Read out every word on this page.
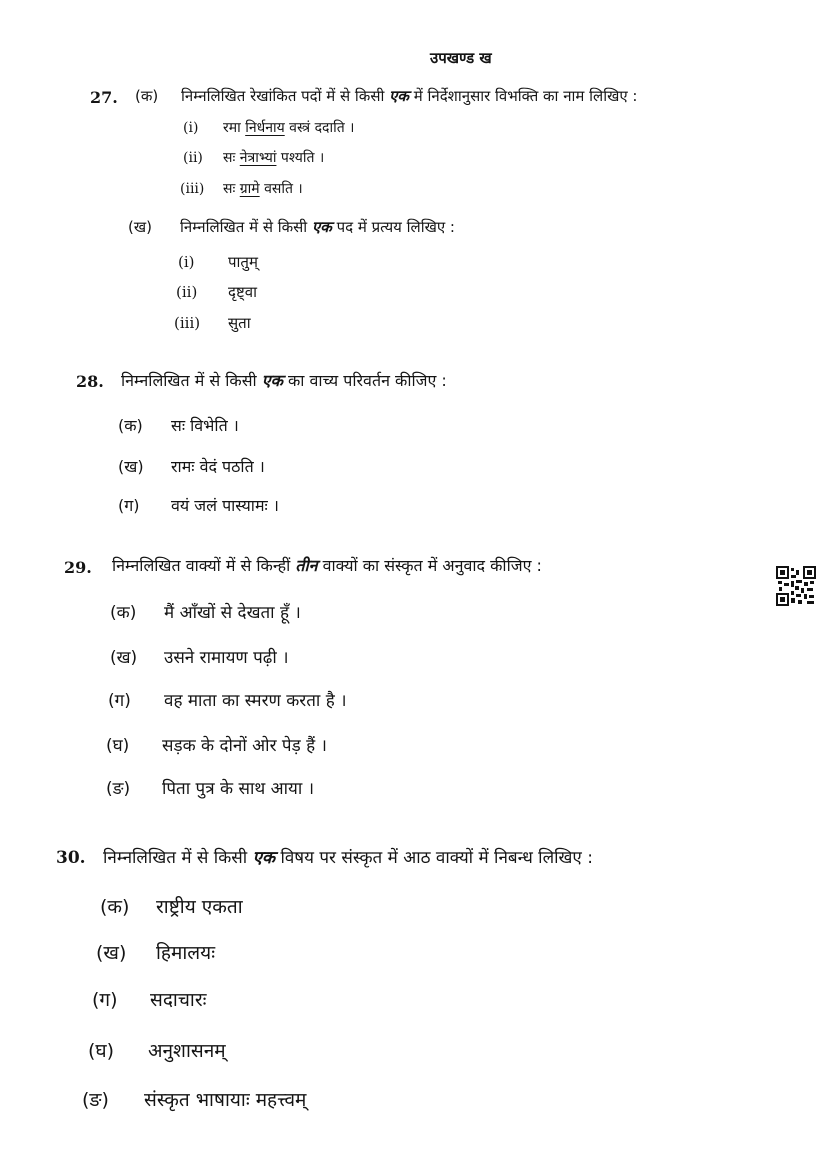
उपखण्ड ख
27. (क) निम्नलिखित रेखांकित पदों में से किसी एक में निर्देशानुसार विभक्ति का नाम लिखिए :
(i) रमा निर्धनाय वस्त्रं ददाति ।
(ii) सः नेत्राभ्यां पश्यति ।
(iii) सः ग्रामे वसति ।
(ख) निम्नलिखित में से किसी एक पद में प्रत्यय लिखिए :
(i) पातुम्
(ii) दृष्ट्वा
(iii) सुता
28. निम्नलिखित में से किसी एक का वाच्य परिवर्तन कीजिए :
(क) सः विभेति ।
(ख) रामः वेदं पठति ।
(ग) वयं जलं पास्यामः ।
29. निम्नलिखित वाक्यों में से किन्हीं तीन वाक्यों का संस्कृत में अनुवाद कीजिए :
(क) मैं आँखों से देखता हूँ ।
(ख) उसने रामायण पढ़ी ।
(ग) वह माता का स्मरण करता है ।
(घ) सड़क के दोनों ओर पेड़ हैं ।
(ङ) पिता पुत्र के साथ आया ।
30. निम्नलिखित में से किसी एक विषय पर संस्कृत में आठ वाक्यों में निबन्ध लिखिए :
(क) राष्ट्रीय एकता
(ख) हिमालयः
(ग) सदाचारः
(घ) अनुशासनम्
(ङ) संस्कृत भाषायाः महत्त्वम्
